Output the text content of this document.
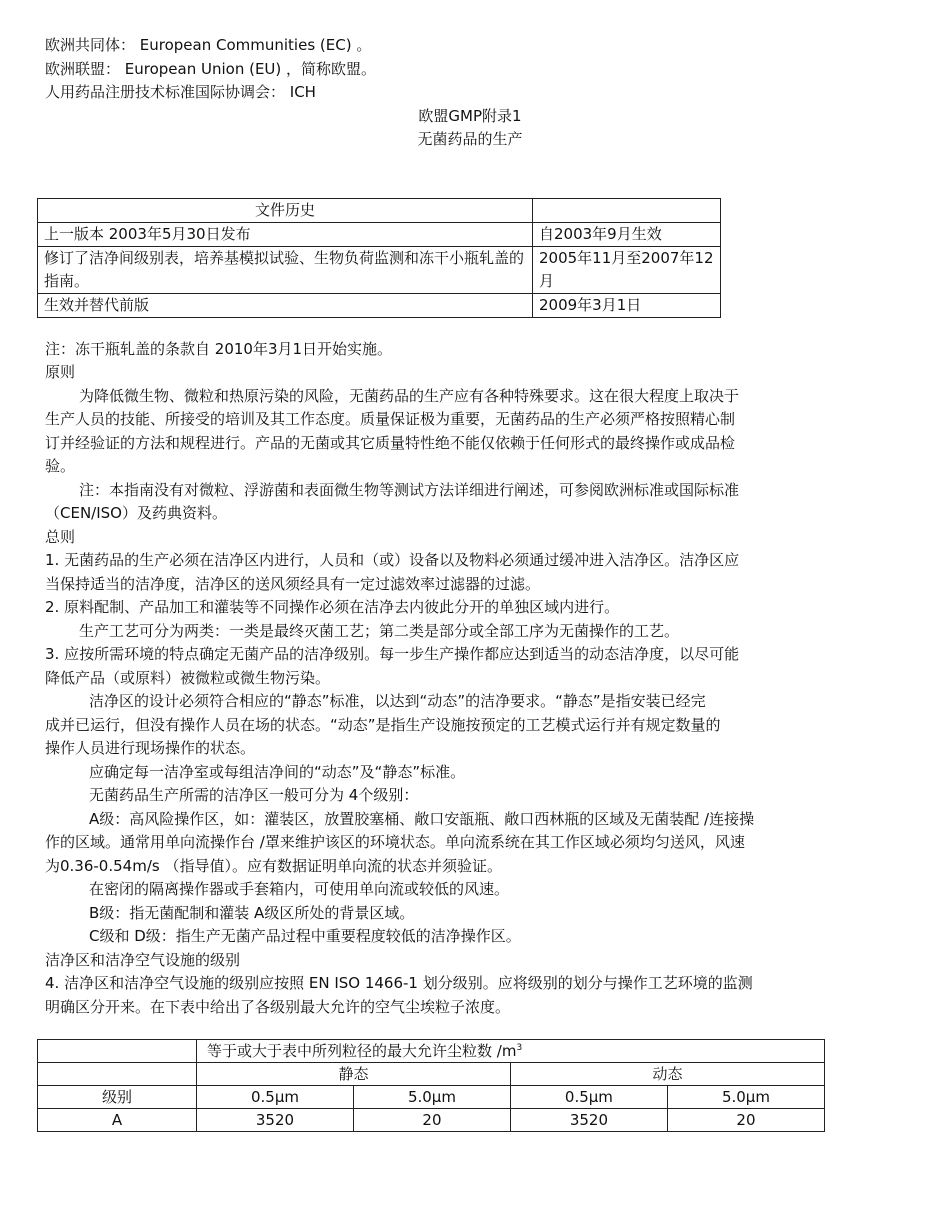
欧洲共同体： European Communities (EC) 。
欧洲联盟： European Union (EU) ，简称欧盟。
人用药品注册技术标准国际协调会： ICH
欧盟GMP附录1
无菌药品的生产
文件历史	
上一版本 2003年5月30日发布	自2003年9月生效
修订了洁净间级别表，培养基模拟试验、生物负荷监测和冻干小瓶轧盖的指南。	2005年11月至2007年12月
生效并替代前版	2009年3月1日
注：冻干瓶轧盖的条款自 2010年3月1日开始实施。
原则
为降低微生物、微粒和热原污染的风险，无菌药品的生产应有各种特殊要求。这在很大程度上取决于
生产人员的技能、所接受的培训及其工作态度。质量保证极为重要，无菌药品的生产必须严格按照精心制
订并经验证的方法和规程进行。产品的无菌或其它质量特性绝不能仅依赖于任何形式的最终操作或成品检
验。
注：本指南没有对微粒、浮游菌和表面微生物等测试方法详细进行阐述，可参阅欧洲标准或国际标准
（CEN/ISO）及药典资料。
总则
1. 无菌药品的生产必须在洁净区内进行，人员和（或）设备以及物料必须通过缓冲进入洁净区。洁净区应
当保持适当的洁净度，洁净区的送风须经具有一定过滤效率过滤器的过滤。
2. 原料配制、产品加工和灌装等不同操作必须在洁净去内彼此分开的单独区域内进行。
生产工艺可分为两类：一类是最终灭菌工艺；第二类是部分或全部工序为无菌操作的工艺。
3. 应按所需环境的特点确定无菌产品的洁净级别。每一步生产操作都应达到适当的动态洁净度，以尽可能
降低产品（或原料）被微粒或微生物污染。
洁净区的设计必须符合相应的“静态”标准，以达到“动态”的洁净要求。“静态”是指安装已经完
成并已运行，但没有操作人员在场的状态。“动态”是指生产设施按预定的工艺模式运行并有规定数量的
操作人员进行现场操作的状态。
应确定每一洁净室或每组洁净间的“动态”及“静态”标准。
无菌药品生产所需的洁净区一般可分为 4个级别：
A级：高风险操作区，如：灌装区，放置胶塞桶、敞口安瓿瓶、敞口西林瓶的区域及无菌装配 /连接操
作的区域。通常用单向流操作台 /罩来维护该区的环境状态。单向流系统在其工作区域必须均匀送风，风速
为0.36-0.54m/s （指导值）。应有数据证明单向流的状态并须验证。
在密闭的隔离操作器或手套箱内，可使用单向流或较低的风速。
B级：指无菌配制和灌装 A级区所处的背景区域。
C级和 D级：指生产无菌产品过程中重要程度较低的洁净操作区。
洁净区和洁净空气设施的级别
4. 洁净区和洁净空气设施的级别应按照 EN ISO 1466-1 划分级别。应将级别的划分与操作工艺环境的监测
明确区分开来。在下表中给出了各级别最大允许的空气尘埃粒子浓度。
	等于或大于表中所列粒径的最大允许尘粒数 $/m^3$
	静态		动态	
级别	0.5μm	5.0μm	0.5μm	5.0μm
A	3520	20	3520	20
